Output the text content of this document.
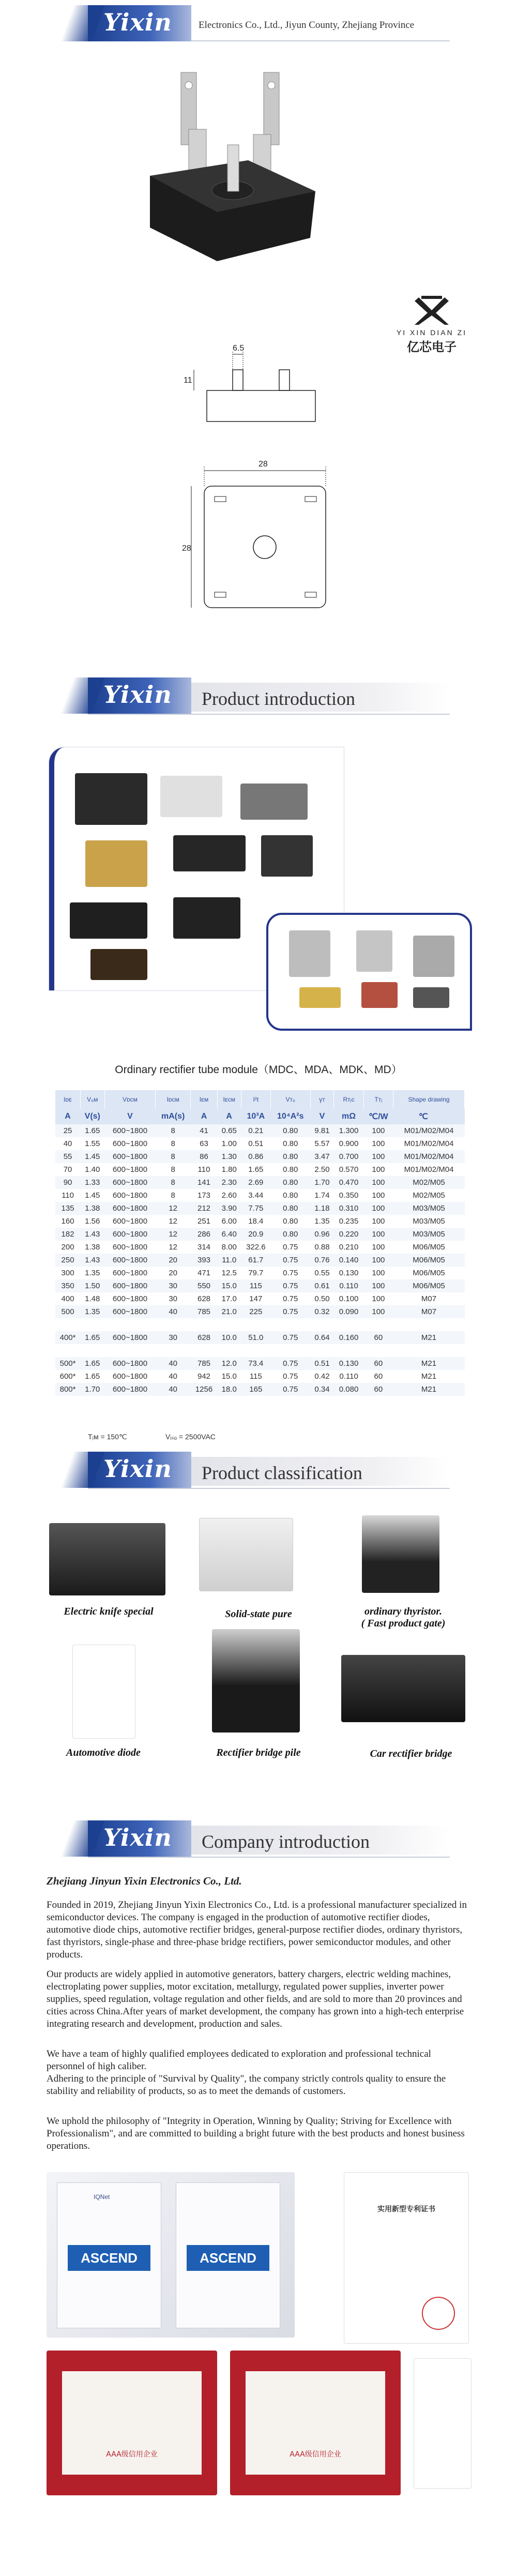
Yixin	Electronics Co., Ltd., Jiyun County, Zhejiang Province
YI XIN DIAN ZI
亿芯电子
6.5
11
28
28
Yixin Product introduction
Ordinary rectifier tube module（MDC、MDA、MDK、MD）
Iᴅᴇ	V₀ᴍ	Vᴅᴄᴍ	Iᴅᴄᴍ	Iᴇᴍ	Iᴇᴄᴍ	I²t	Vᴛ₀	γᴛ	Rᴛⱼᴄ	Tᴛⱼ	Shape drawing	
A	V(s)	V	mA(s)	A	A	10³A	10⁴A²s	V	mΩ	℃/W	℃	
25	1.65	600~1800	8	41	0.65	0.21	0.80	9.81	1.300	100	M01/M02/M04	
40	1.55	600~1800	8	63	1.00	0.51	0.80	5.57	0.900	100	M01/M02/M04	
55	1.45	600~1800	8	86	1.30	0.86	0.80	3.47	0.700	100	M01/M02/M04	
70	1.40	600~1800	8	110	1.80	1.65	0.80	2.50	0.570	100	M01/M02/M04	
90	1.33	600~1800	8	141	2.30	2.69	0.80	1.70	0.470	100	M02/M05	
110	1.45	600~1800	8	173	2.60	3.44	0.80	1.74	0.350	100	M02/M05	
135	1.38	600~1800	12	212	3.90	7.75	0.80	1.18	0.310	100	M03/M05	
160	1.56	600~1800	12	251	6.00	18.4	0.80	1.35	0.235	100	M03/M05	
182	1.43	600~1800	12	286	6.40	20.9	0.80	0.96	0.220	100	M03/M05	
200	1.38	600~1800	12	314	8.00	322.6	0.75	0.88	0.210	100	M06/M05	
250	1.43	600~1800	20	393	11.0	61.7	0.75	0.76	0.140	100	M06/M05	
300	1.35	600~1800	20	471	12.5	79.7	0.75	0.55	0.130	100	M06/M05	
350	1.50	600~1800	30	550	15.0	115	0.75	0.61	0.110	100	M06/M05	
400	1.48	600~1800	30	628	17.0	147	0.75	0.50	0.100	100	M07	
500	1.35	600~1800	40	785	21.0	225	0.75	0.32	0.090	100	M07	

400*	1.65	600~1800	30	628	10.0	51.0	0.75	0.64	0.160	60	M21	

500*	1.65	600~1800	40	785	12.0	73.4	0.75	0.51	0.130	60	M21	
600*	1.65	600~1800	40	942	15.0	115	0.75	0.42	0.110	60	M21	
800*	1.70	600~1800	40	1256	18.0	165	0.75	0.34	0.080	60	M21	
Tⱼᴍ = 150℃	Vᵢₛₒ = 2500VAC
Yixin Product classification
Electric knife special	Solid-state pure	ordinary thyristor.
( Fast product gate)
Automotive diode	Rectifier bridge pile	Car rectifier bridge
Yixin Company introduction
Zhejiang Jinyun Yixin Electronics Co., Ltd.

Founded in 2019, Zhejiang Jinyun Yixin Electronics Co., Ltd. is a professional manufacturer specialized in semiconductor devices. The company is engaged in the production of automotive rectifier diodes, automotive diode chips, automotive rectifier bridges, general-purpose rectifier diodes, ordinary thyristors, fast thyristors, single-phase and three-phase bridge rectifiers, power semiconductor modules, and other products.

Our products are widely applied in automotive generators, battery chargers, electric welding machines, electroplating power supplies, motor excitation, metallurgy, regulated power supplies, inverter power supplies, speed regulation, voltage regulation and other fields, and are sold to more than 20 provinces and cities across China.After years of market development, the company has grown into a high-tech enterprise integrating research and development, production and sales.

We have a team of highly qualified employees dedicated to exploration and professional technical personnel of high caliber.
Adhering to the principle of "Survival by Quality", the company strictly controls quality to ensure the stability and reliability of products, so as to meet the demands of customers.

We uphold the philosophy of "Integrity in Operation, Winning by Quality; Striving for Excellence with Professionalism", and are committed to building a bright future with the best products and honest business operations.

IQNet
ASCEND	ASCEND
实用新型专利证书
AAA级信用企业	AAA级信用企业
